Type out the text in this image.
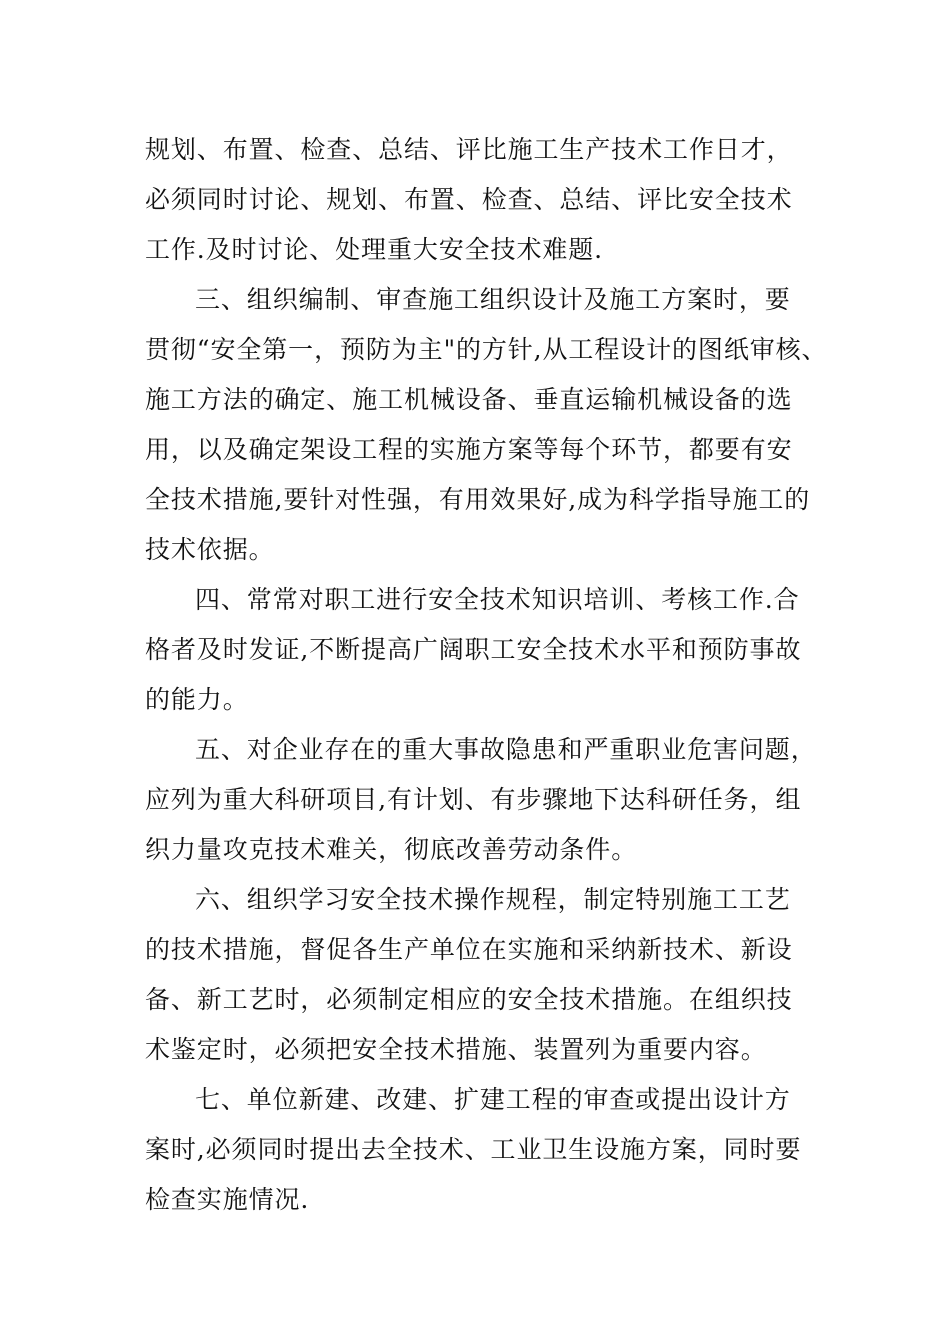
规划、布置、检查、总结、评比施工生产技术工作日才，
必须同时讨论、规划、布置、检查、总结、评比安全技术
工作.及时讨论、处理重大安全技术难题.
三、组织编制、审查施工组织设计及施工方案时，要
贯彻“安全第一，预防为主"的方针,从工程设计的图纸审核、
施工方法的确定、施工机械设备、垂直运输机械设备的选
用，以及确定架设工程的实施方案等每个环节，都要有安
全技术措施,要针对性强，有用效果好,成为科学指导施工的
技术依据。
四、常常对职工进行安全技术知识培训、考核工作.合
格者及时发证,不断提高广阔职工安全技术水平和预防事故
的能力。
五、对企业存在的重大事故隐患和严重职业危害问题，
应列为重大科研项目,有计划、有步骤地下达科研任务，组
织力量攻克技术难关，彻底改善劳动条件。
六、组织学习安全技术操作规程，制定特别施工工艺
的技术措施，督促各生产单位在实施和采纳新技术、新设
备、新工艺时，必须制定相应的安全技术措施。在组织技
术鉴定时，必须把安全技术措施、装置列为重要内容。
七、单位新建、改建、扩建工程的审查或提出设计方
案时,必须同时提出去全技术、工业卫生设施方案，同时要
检查实施情况.
